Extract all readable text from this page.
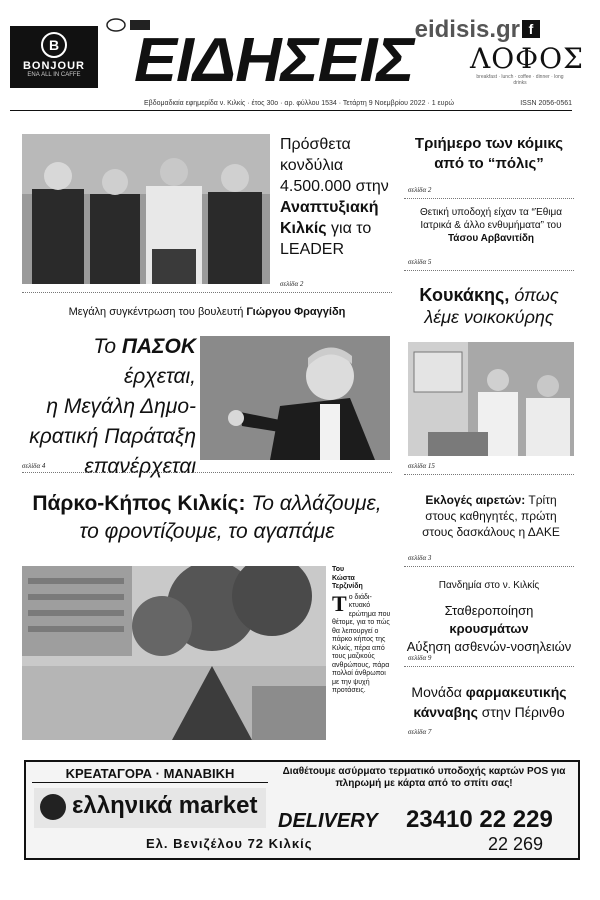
B
BONJOUR
ΕΝΑ ALL IN CAFFE ΕΙΔΗΣΕΙΣ eidisis.gr f
ΛΟΦΟΣ
breakfast · lunch · coffee · dinner · long drinks
Εβδομαδιαία εφημερίδα ν. Κιλκίς · έτος 30ο · αρ. φύλλου 1534 · Τετάρτη 9 Νοεμβρίου 2022 · 1 ευρώ	ISSN 2056-0561
Πρόσθετα κονδύλια 4.500.000 στην Αναπτυξιακή Κιλκίς για το LEADER
σελίδα 2
Μεγάλη συγκέντρωση του βουλευτή Γιώργου Φραγγίδη
Το ΠΑΣΟΚ έρχεται,
η Μεγάλη Δημο-
κρατική Παράταξη
επανέρχεται
σελίδα 4
Πάρκο-Κήπος Κιλκίς: Το αλλάζουμε,
το φροντίζουμε, το αγαπάμε
Του
Κώστα
Τερζινίδη
Τ ο διάδι-κτυακό ερώτημα που θέτομε, για το πώς θα λειτουργεί ο πάρκο κήπος της Κιλκίς, πέρα από τους μαζικούς ανθρώπους, πάρα πολλοί άνθρωποι με την ψυχή προτάσεις.
Τριήμερο των κόμικς
από το “πόλις”
σελίδα 2
Θετική υποδοχή είχαν τα “Έθιμα Ιατρικά & άλλο ενθυμήματα” του Τάσου Αρβανιτίδη
σελίδα 5
Κουκάκης, όπως
λέμε νοικοκύρης
σελίδα 15
Εκλογές αιρετών: Τρίτη
στους καθηγητές, πρώτη
στους δασκάλους η ΔΑΚΕ
σελίδα 3
Πανδημία στο ν. Κιλκίς
Σταθεροποίηση κρουσμάτων
Αύξηση ασθενών-νοσηλειών
σελίδα 9
Μονάδα φαρμακευτικής
κάνναβης στην Πέρινθο
σελίδα 7
ΚΡΕΑΤΑΓΟΡΑ · ΜΑΝΑΒΙΚΗ
ελληνικά market
Διαθέτουμε ασύρματο τερματικό υποδοχής καρτών POS για πληρωμή με κάρτα από το σπίτι σας!
DELIVERY 23410 22 229
22 269
Ελ. Βενιζέλου 72 Κιλκίς
